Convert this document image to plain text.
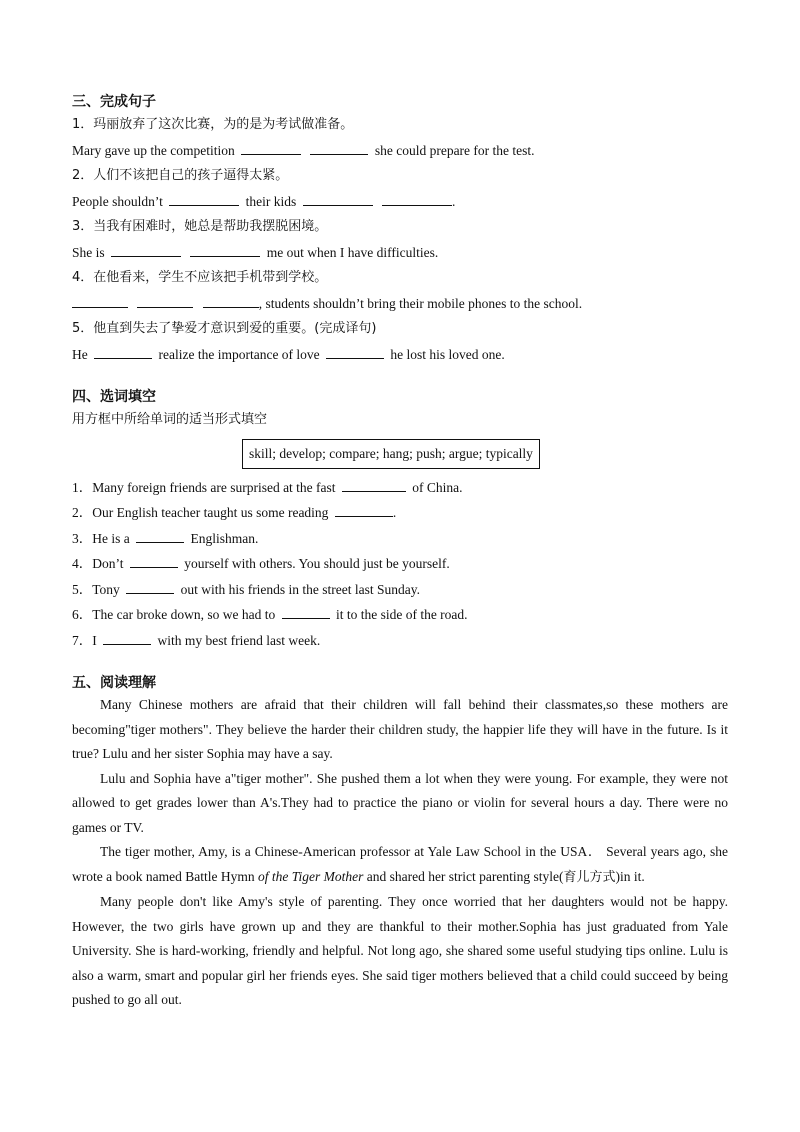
三、完成句子

1．玛丽放弃了这次比赛，为的是为考试做准备。

Mary gave up the competition	she could prepare for the test.

2．人们不该把自己的孩子逼得太紧。

People shouldn’t	their kids	.

3．当我有困难时，她总是帮助我摆脱困境。

She is	me out when I have difficulties.

4．在他看来，学生不应该把手机带到学校。

, students shouldn’t bring their mobile phones to the school.

5．他直到失去了挚爱才意识到爱的重要。(完成译句)

He	realize the importance of love	he lost his loved one.

四、选词填空

用方框中所给单词的适当形式填空

skill; develop; compare; hang; push; argue; typically

1．Many foreign friends are surprised at the fast	of China.

2．Our English teacher taught us some reading	.

3．He is a	Englishman.

4．Don’t	yourself with others. You should just be yourself.

5．Tony	out with his friends in the street last Sunday.

6．The car broke down, so we had to	it to the side of the road.

7．I	with my best friend last week.

五、阅读理解

Many Chinese mothers are afraid that their children will fall behind their classmates,so these mothers are becoming"tiger mothers". They believe the harder their children study, the happier life they will have in the future. Is it true? Lulu and her sister Sophia may have a say.

Lulu and Sophia have a"tiger mother". She pushed them a lot when they were young. For example, they were not allowed to get grades lower than A's.They had to practice the piano or violin for several hours a day. There were no games or TV.

The tiger mother, Amy, is a Chinese-American professor at Yale Law School in the USA． Several years ago, she wrote a book named Battle Hymn of the Tiger Mother and shared her strict parenting style(育儿方式)in it.

Many people don't like Amy's style of parenting. They once worried that her daughters would not be happy. However, the two girls have grown up and they are thankful to their mother.Sophia has just graduated from Yale University. She is hard-working, friendly and helpful. Not long ago, she shared some useful studying tips online. Lulu is also a warm, smart and popular girl her friends eyes. She said tiger mothers believed that a child could succeed by being pushed to go all out.
